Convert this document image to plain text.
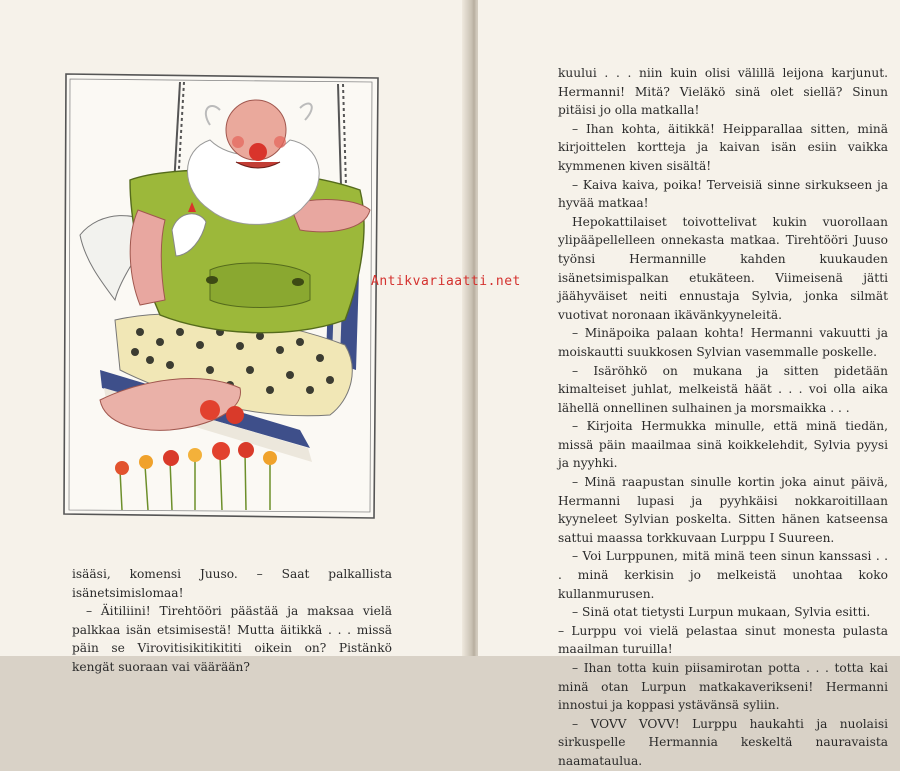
isääsi, komensi Juuso. – Saat palkallista isänetsimislomaa!

– Äitiliini! Tirehtööri päästää ja maksaa vielä palkkaa isän etsimisestä! Mutta äitikkä . . . missä päin se Virovitisikitikititi oikein on? Pistänkö kengät suoraan vai väärään?

kuului . . . niin kuin olisi välillä leijona karjunut. Hermanni! Mitä? Vieläkö sinä olet siellä? Sinun pitäisi jo olla matkalla!

– Ihan kohta, äitikkä! Heipparallaa sitten, minä kirjoittelen kortteja ja kaivan isän esiin vaikka kymmenen kiven sisältä!

– Kaiva kaiva, poika! Terveisiä sinne sirkukseen ja hyvää matkaa!

Hepokattilaiset toivottelivat kukin vuorollaan ylipääpellelleen onnekasta matkaa. Tirehtööri Juuso työnsi Hermannille kahden kuukauden isänetsimispalkan etukäteen. Viimeisenä jätti jäähyväiset neiti ennustaja Sylvia, jonka silmät vuotivat noronaan ikävänkyyneleitä.

– Minäpoika palaan kohta! Hermanni vakuutti ja moiskautti suukkosen Sylvian vasemmalle poskelle.

– Isäröhkö on mukana ja sitten pidetään kimalteiset juhlat, melkeistä häät . . . voi olla aika lähellä onnellinen sulhainen ja morsmaikka . . .

– Kirjoita Hermukka minulle, että minä tiedän, missä päin maailmaa sinä koikkelehdit, Sylvia pyysi ja nyyhki.

– Minä raapustan sinulle kortin joka ainut päivä, Hermanni lupasi ja pyyhkäisi nokkaroitillaan kyyneleet Sylvian poskelta. Sitten hänen katseensa sattui maassa torkkuvaan Lurppu I Suureen.

– Voi Lurppunen, mitä minä teen sinun kanssasi . . . minä kerkisin jo melkeistä unohtaa koko kullanmurusen.

– Sinä otat tietysti Lurpun mukaan, Sylvia esitti.

– Lurppu voi vielä pelastaa sinut monesta pulasta maailman turuilla!

– Ihan totta kuin piisamirotan potta . . . totta kai minä otan Lurpun matkakaverikseni! Hermanni innostui ja koppasi ystävänsä syliin.

– VOVV VOVV! Lurppu haukahti ja nuolaisi sirkuspelle Hermannia keskeltä nauravaista naamataulua.

Antikvariaatti.net
